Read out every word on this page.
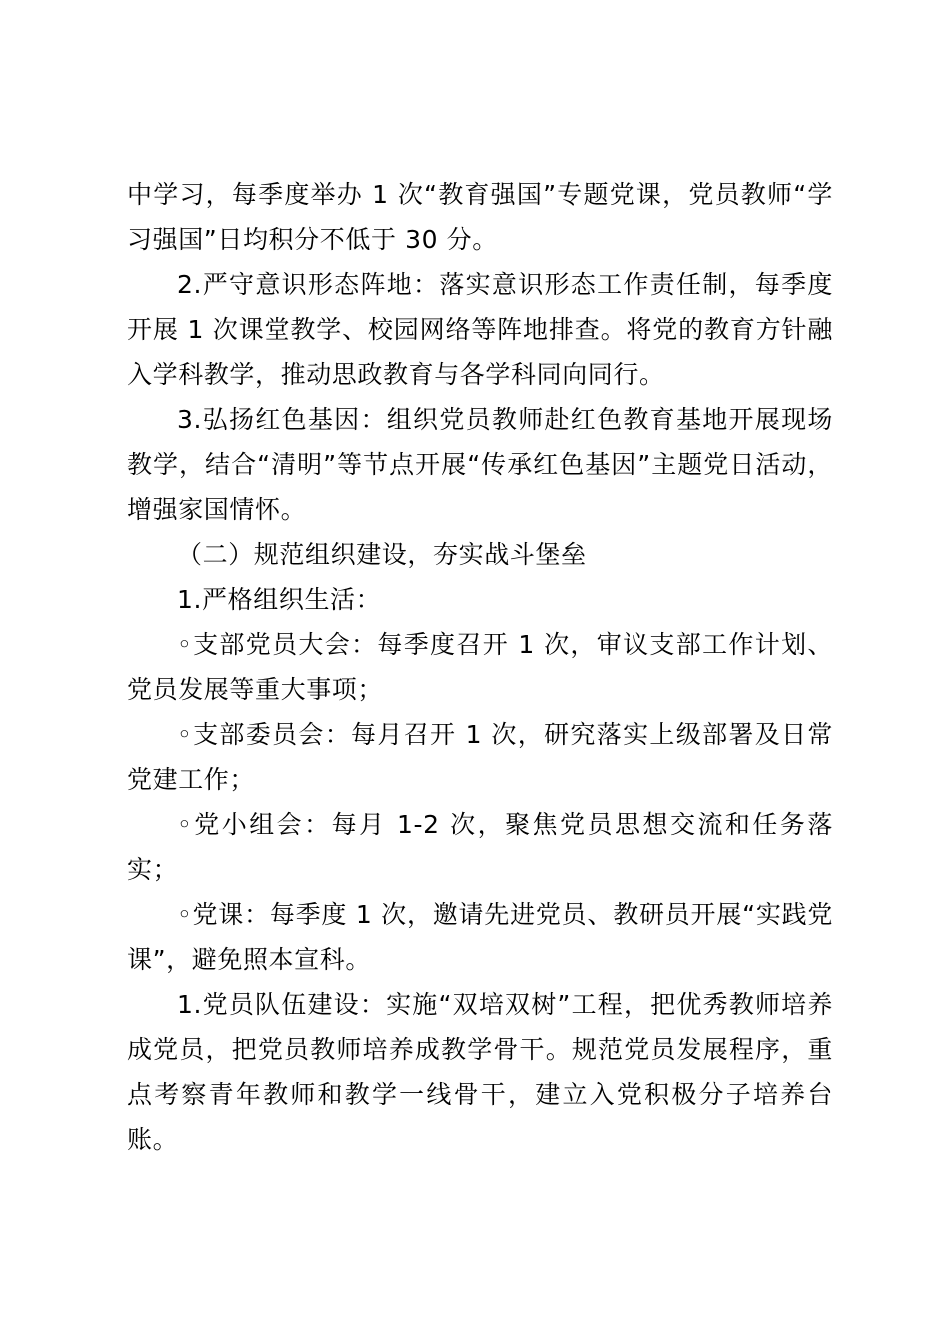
中学习，每季度举办 1 次“教育强国”专题党课，党员教师“学习强国”日均积分不低于 30 分。

2.严守意识形态阵地：落实意识形态工作责任制，每季度开展 1 次课堂教学、校园网络等阵地排查。将党的教育方针融入学科教学，推动思政教育与各学科同向同行。

3.弘扬红色基因：组织党员教师赴红色教育基地开展现场教学，结合“清明”等节点开展“传承红色基因”主题党日活动，增强家国情怀。

（二）规范组织建设，夯实战斗堡垒

1.严格组织生活：

◦支部党员大会：每季度召开 1 次，审议支部工作计划、党员发展等重大事项；

◦支部委员会：每月召开 1 次，研究落实上级部署及日常党建工作；

◦党小组会：每月 1-2 次，聚焦党员思想交流和任务落实；

◦党课：每季度 1 次，邀请先进党员、教研员开展“实践党课”，避免照本宣科。

1.党员队伍建设：实施“双培双树”工程，把优秀教师培养成党员，把党员教师培养成教学骨干。规范党员发展程序，重点考察青年教师和教学一线骨干，建立入党积极分子培养台账。
